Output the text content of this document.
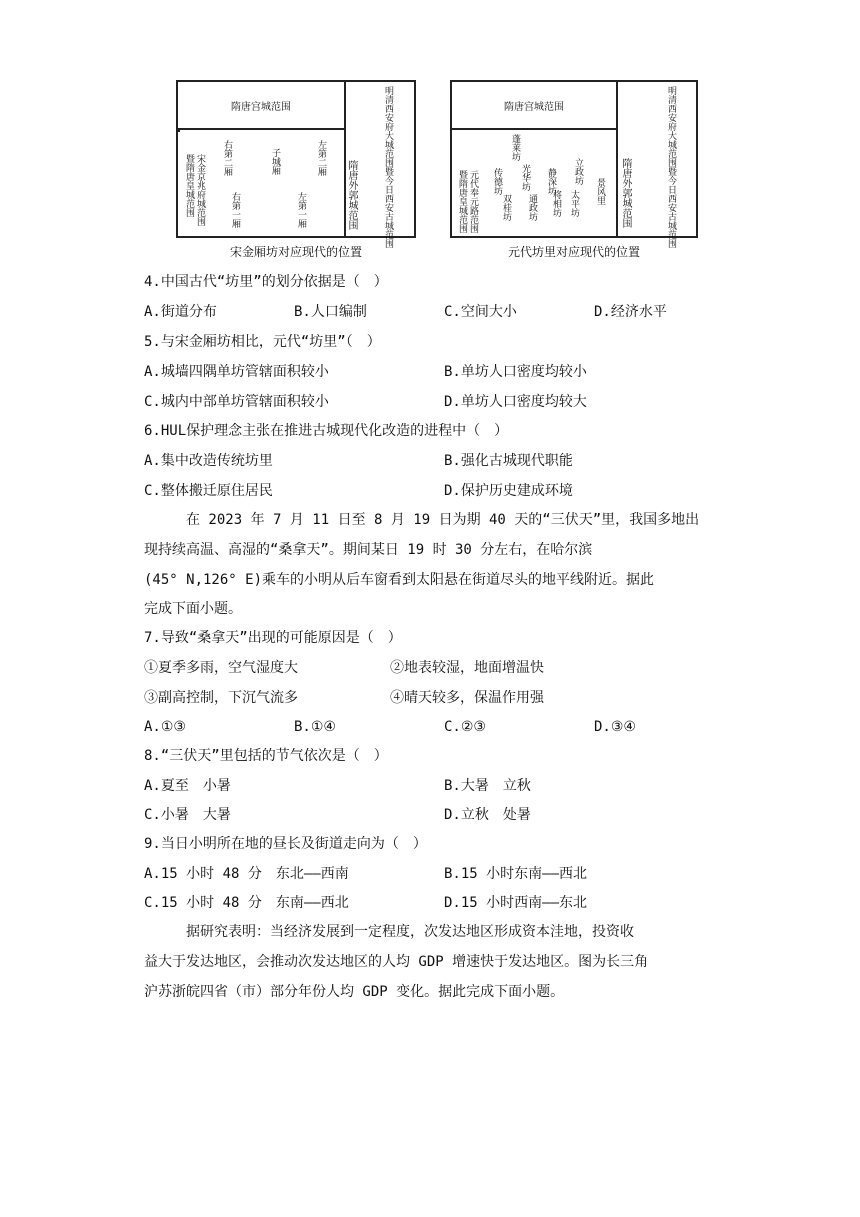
隋唐宫城范围	明清西安府大城范围暨今日西安古城范围
隋唐外郭城范围
暨隋唐皇城范围 宋金京兆府城范围 右第二厢	子城厢	左第二厢
右第一厢	左第一厢
宋金厢坊对应现代的位置
隋唐宫城范围	明清西安府大城范围暨今日西安古城范围
隋唐外郭城范围
暨隋唐皇城范围 元代奉元路范围
蓬莱坊
光华坊
传德坊
双桂坊 通政坊
静深坊
将相坊
立政坊
太平坊 景风里
元代坊里对应现代的位置
4.中国古代“坊里”的划分依据是（　）
A.街道分布	B.人口编制	C.空间大小	D.经济水平
5.与宋金厢坊相比，元代“坊里”（　）
A.城墙四隅单坊管辖面积较小	B.单坊人口密度均较小
C.城内中部单坊管辖面积较小	D.单坊人口密度均较大
6.HUL保护理念主张在推进古城现代化改造的进程中（　）
A.集中改造传统坊里	B.强化古城现代职能
C.整体搬迁原住居民	D.保护历史建成环境
在 2023 年 7 月 11 日至 8 月 19 日为期 40 天的“三伏天”里，我国多地出
现持续高温、高湿的“桑拿天”。期间某日 19 时 30 分左右，在哈尔滨
(45° N,126° E)乘车的小明从后车窗看到太阳悬在街道尽头的地平线附近。据此
完成下面小题。
7.导致“桑拿天”出现的可能原因是（　）
①夏季多雨，空气湿度大	②地表较湿，地面增温快
③副高控制，下沉气流多	④晴天较多，保温作用强
A.①③	B.①④	C.②③	D.③④
8.“三伏天”里包括的节气依次是（　）
A.夏至　小暑	B.大暑　立秋
C.小暑　大暑	D.立秋　处暑
9.当日小明所在地的昼长及街道走向为（　）
A.15 小时 48 分　东北——西南	B.15 小时东南——西北
C.15 小时 48 分　东南——西北	D.15 小时西南——东北
据研究表明：当经济发展到一定程度，次发达地区形成资本洼地，投资收
益大于发达地区，会推动次发达地区的人均 GDP 增速快于发达地区。图为长三角
沪苏浙皖四省（市）部分年份人均 GDP 变化。据此完成下面小题。
